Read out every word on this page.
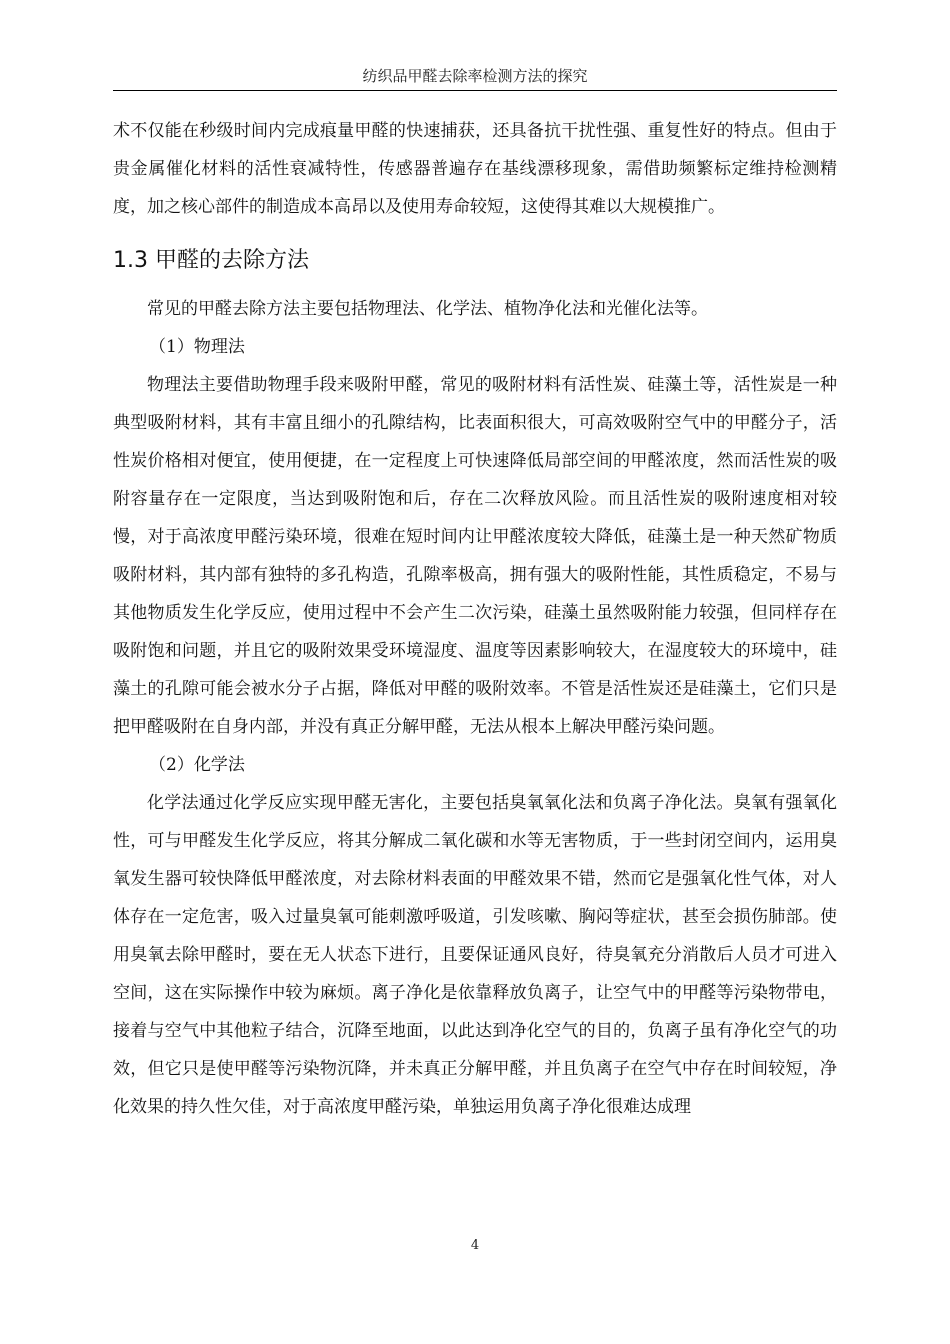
纺织品甲醛去除率检测方法的探究

术不仅能在秒级时间内完成痕量甲醛的快速捕获，还具备抗干扰性强、重复性好的特点。但由于贵金属催化材料的活性衰减特性，传感器普遍存在基线漂移现象，需借助频繁标定维持检测精度，加之核心部件的制造成本高昂以及使用寿命较短，这使得其难以大规模推广。

1.3 甲醛的去除方法

常见的甲醛去除方法主要包括物理法、化学法、植物净化法和光催化法等。

（1）物理法

物理法主要借助物理手段来吸附甲醛，常见的吸附材料有活性炭、硅藻土等，活性炭是一种典型吸附材料，其有丰富且细小的孔隙结构，比表面积很大，可高效吸附空气中的甲醛分子，活性炭价格相对便宜，使用便捷，在一定程度上可快速降低局部空间的甲醛浓度，然而活性炭的吸附容量存在一定限度，当达到吸附饱和后，存在二次释放风险。而且活性炭的吸附速度相对较慢，对于高浓度甲醛污染环境，很难在短时间内让甲醛浓度较大降低，硅藻土是一种天然矿物质吸附材料，其内部有独特的多孔构造，孔隙率极高，拥有强大的吸附性能，其性质稳定，不易与其他物质发生化学反应，使用过程中不会产生二次污染，硅藻土虽然吸附能力较强，但同样存在吸附饱和问题，并且它的吸附效果受环境湿度、温度等因素影响较大，在湿度较大的环境中，硅藻土的孔隙可能会被水分子占据，降低对甲醛的吸附效率。不管是活性炭还是硅藻土，它们只是把甲醛吸附在自身内部，并没有真正分解甲醛，无法从根本上解决甲醛污染问题。

（2）化学法

化学法通过化学反应实现甲醛无害化，主要包括臭氧氧化法和负离子净化法。臭氧有强氧化性，可与甲醛发生化学反应，将其分解成二氧化碳和水等无害物质，于一些封闭空间内，运用臭氧发生器可较快降低甲醛浓度，对去除材料表面的甲醛效果不错，然而它是强氧化性气体，对人体存在一定危害，吸入过量臭氧可能刺激呼吸道，引发咳嗽、胸闷等症状，甚至会损伤肺部。使用臭氧去除甲醛时，要在无人状态下进行，且要保证通风良好，待臭氧充分消散后人员才可进入空间，这在实际操作中较为麻烦。离子净化是依靠释放负离子，让空气中的甲醛等污染物带电，接着与空气中其他粒子结合，沉降至地面，以此达到净化空气的目的，负离子虽有净化空气的功效，但它只是使甲醛等污染物沉降，并未真正分解甲醛，并且负离子在空气中存在时间较短，净化效果的持久性欠佳，对于高浓度甲醛污染，单独运用负离子净化很难达成理

4
